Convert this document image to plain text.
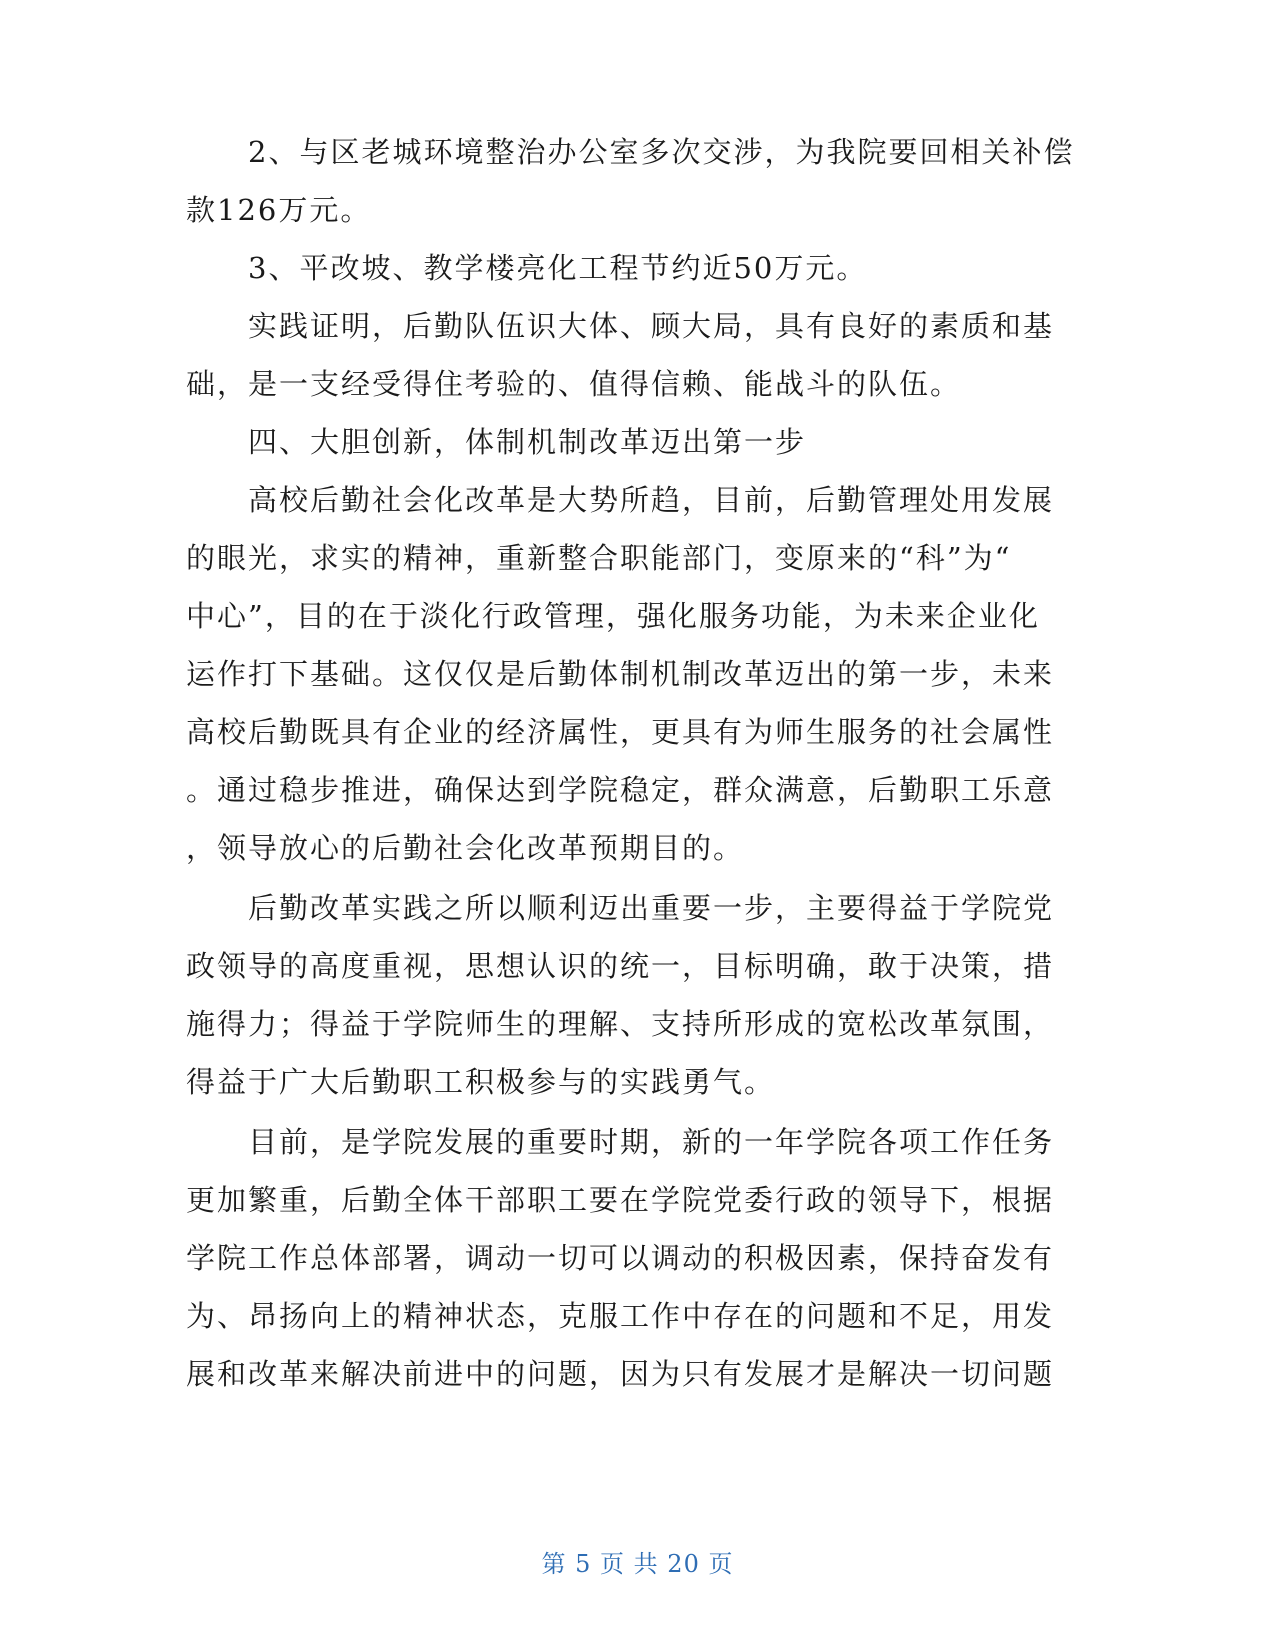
　　2、与区老城环境整治办公室多次交涉，为我院要回相关补偿
款126万元。
　　3、平改坡、教学楼亮化工程节约近50万元。
　　实践证明，后勤队伍识大体、顾大局，具有良好的素质和基
础，是一支经受得住考验的、值得信赖、能战斗的队伍。
　　四、大胆创新，体制机制改革迈出第一步
　　高校后勤社会化改革是大势所趋，目前，后勤管理处用发展
的眼光，求实的精神，重新整合职能部门，变原来的“科”为“
中心”，目的在于淡化行政管理，强化服务功能，为未来企业化
运作打下基础。这仅仅是后勤体制机制改革迈出的第一步，未来
高校后勤既具有企业的经济属性，更具有为师生服务的社会属性
。通过稳步推进，确保达到学院稳定，群众满意，后勤职工乐意
，领导放心的后勤社会化改革预期目的。
　　后勤改革实践之所以顺利迈出重要一步，主要得益于学院党
政领导的高度重视，思想认识的统一，目标明确，敢于决策，措
施得力；得益于学院师生的理解、支持所形成的宽松改革氛围，
得益于广大后勤职工积极参与的实践勇气。
　　目前，是学院发展的重要时期，新的一年学院各项工作任务
更加繁重，后勤全体干部职工要在学院党委行政的领导下，根据
学院工作总体部署，调动一切可以调动的积极因素，保持奋发有
为、昂扬向上的精神状态，克服工作中存在的问题和不足，用发
展和改革来解决前进中的问题，因为只有发展才是解决一切问题
第 5 页 共 20 页
